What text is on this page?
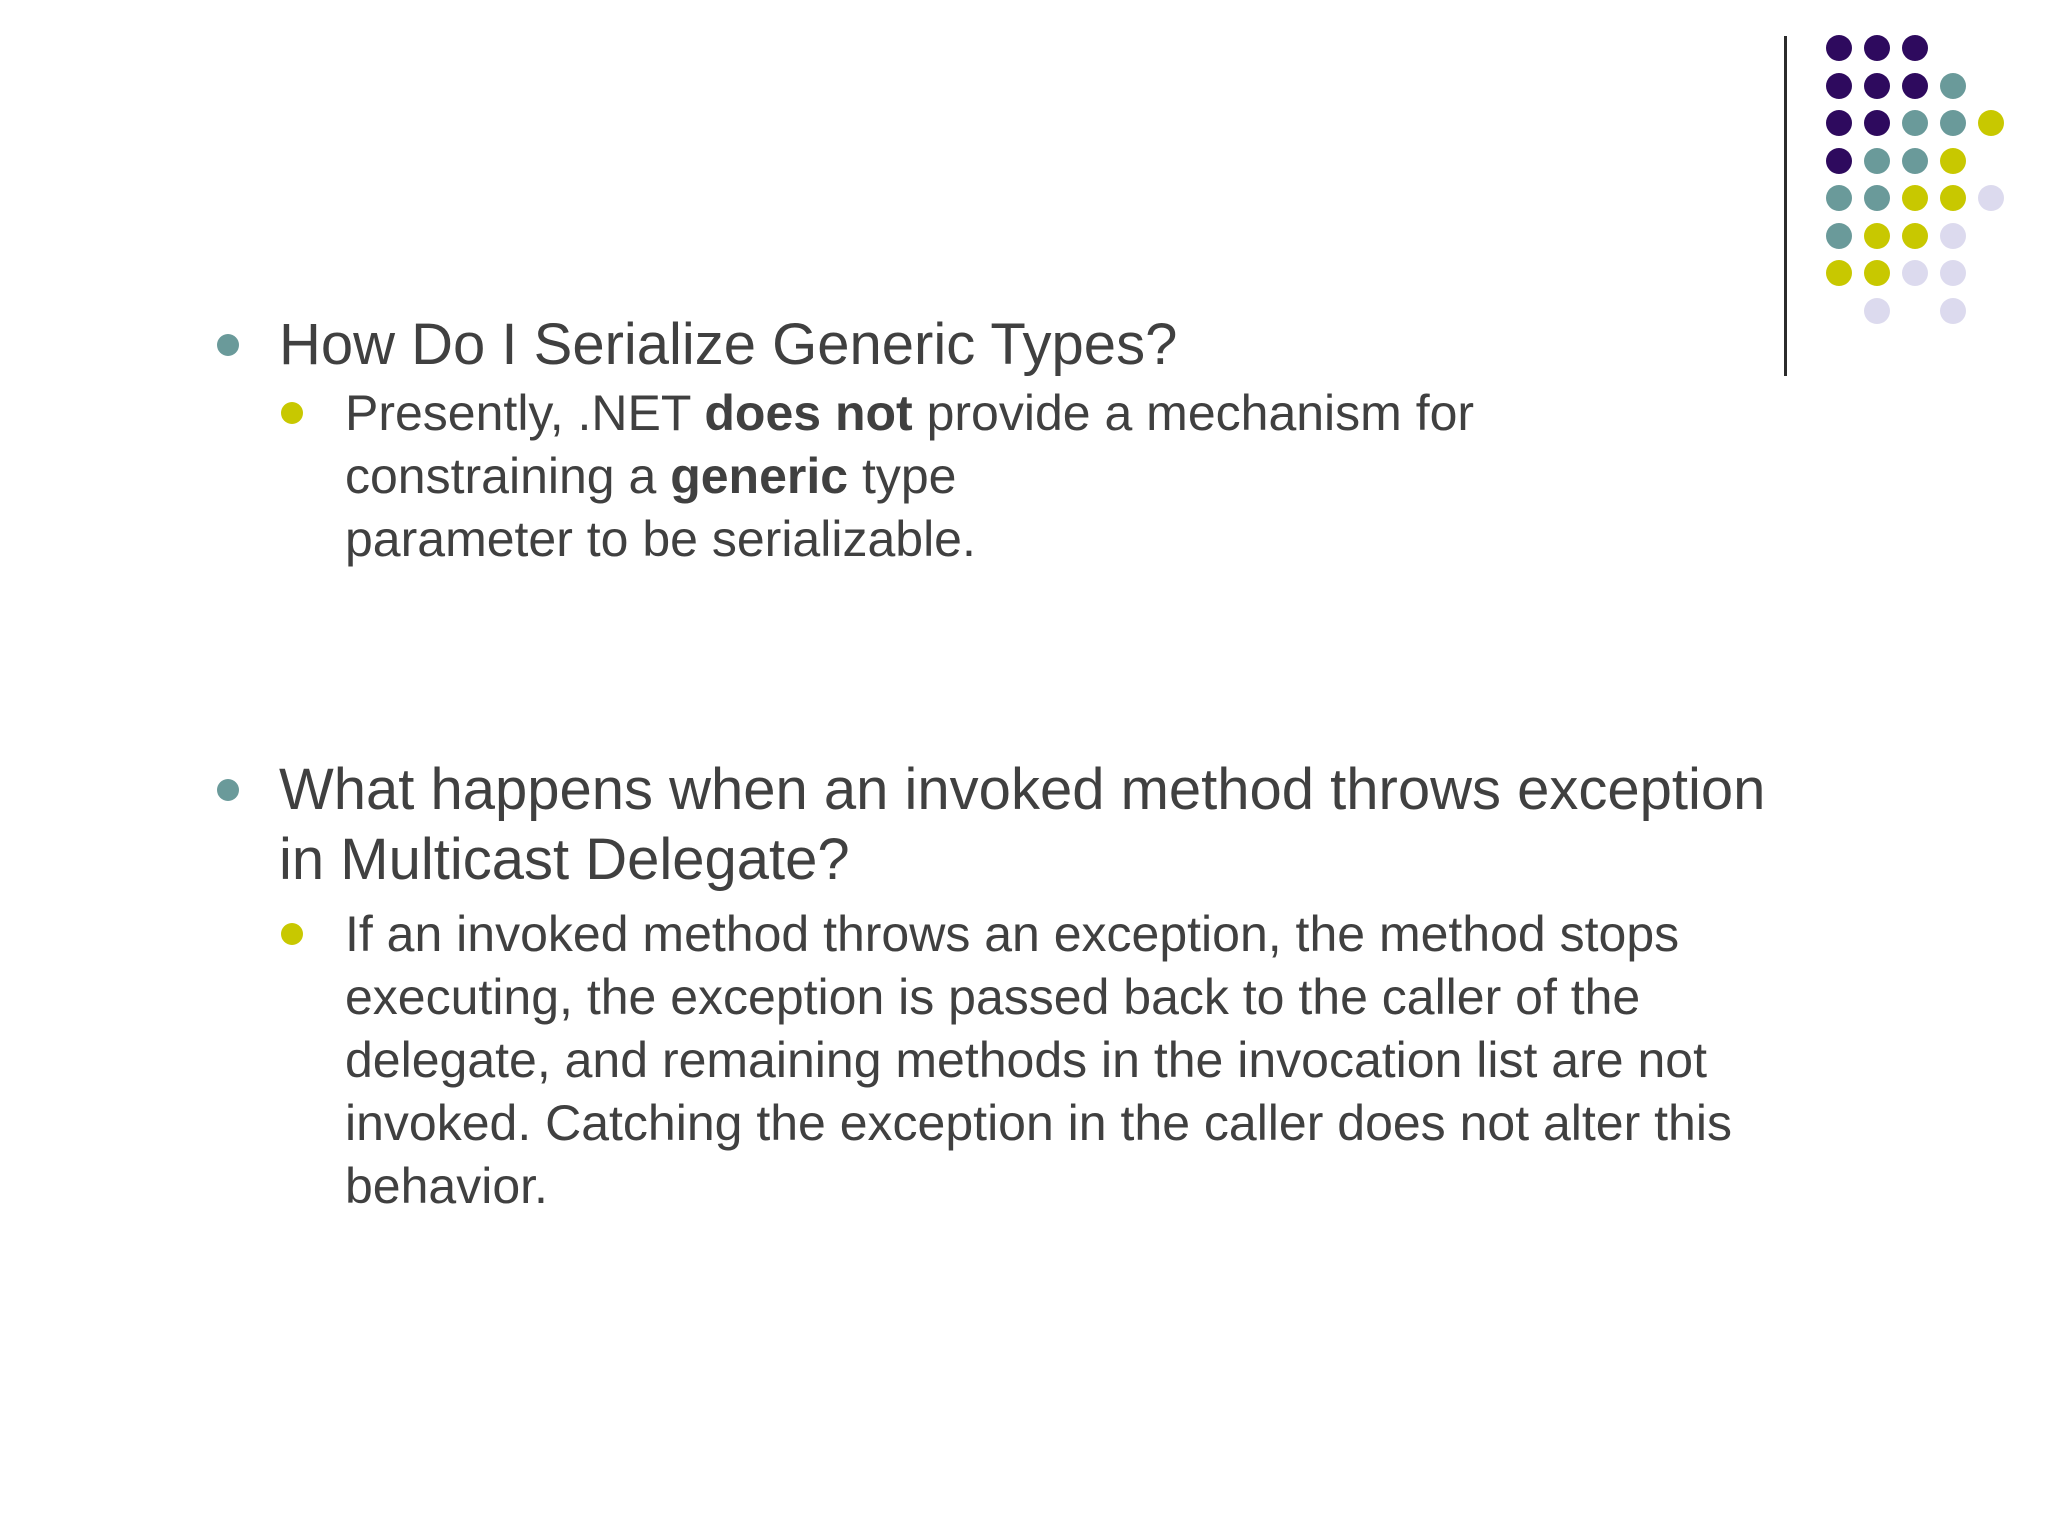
How Do I Serialize Generic Types?
Presently, .NET does not provide a mechanism for
constraining a generic type
parameter to be serializable.
What happens when an invoked method throws exception
in Multicast Delegate?
If an invoked method throws an exception, the method stops
executing, the exception is passed back to the caller of the
delegate, and remaining methods in the invocation list are not
invoked. Catching the exception in the caller does not alter this
behavior.
